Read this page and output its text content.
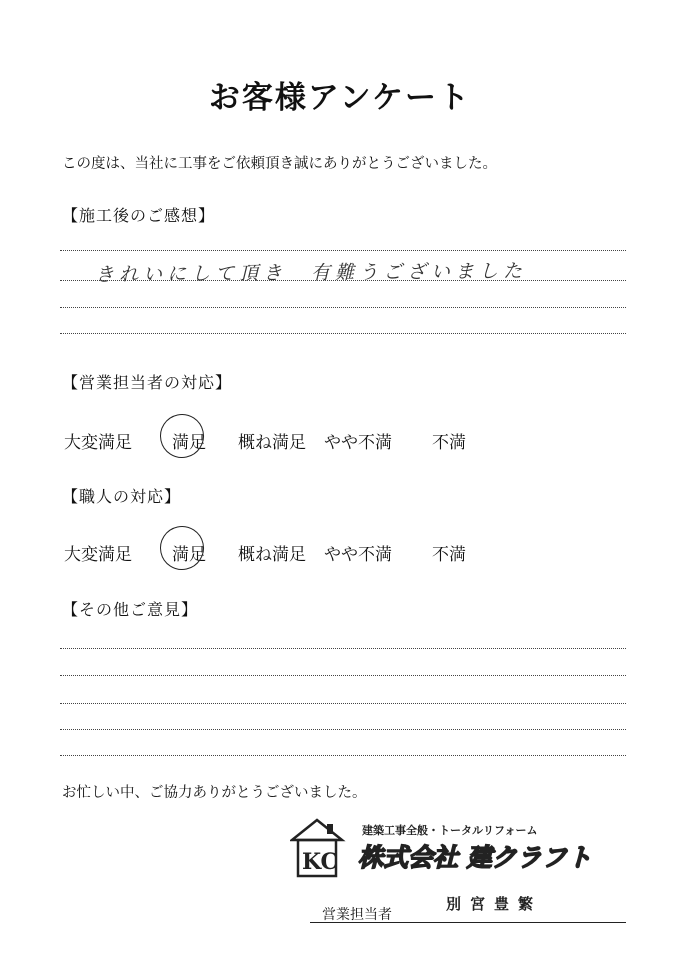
お客様アンケート
この度は、当社に工事をご依頼頂き誠にありがとうございました。
【施工後のご感想】
きれいにして頂き　有難うございました
【営業担当者の対応】
大変満足 満足 概ね満足 やや不満 不満
【職人の対応】
大変満足 満足 概ね満足 やや不満 不満
【その他ご意見】
お忙しい中、ご協力ありがとうございました。
KC
建築工事全般・トータルリフォーム
株式会社 建クラフト
営業担当者
別宮豊繁
